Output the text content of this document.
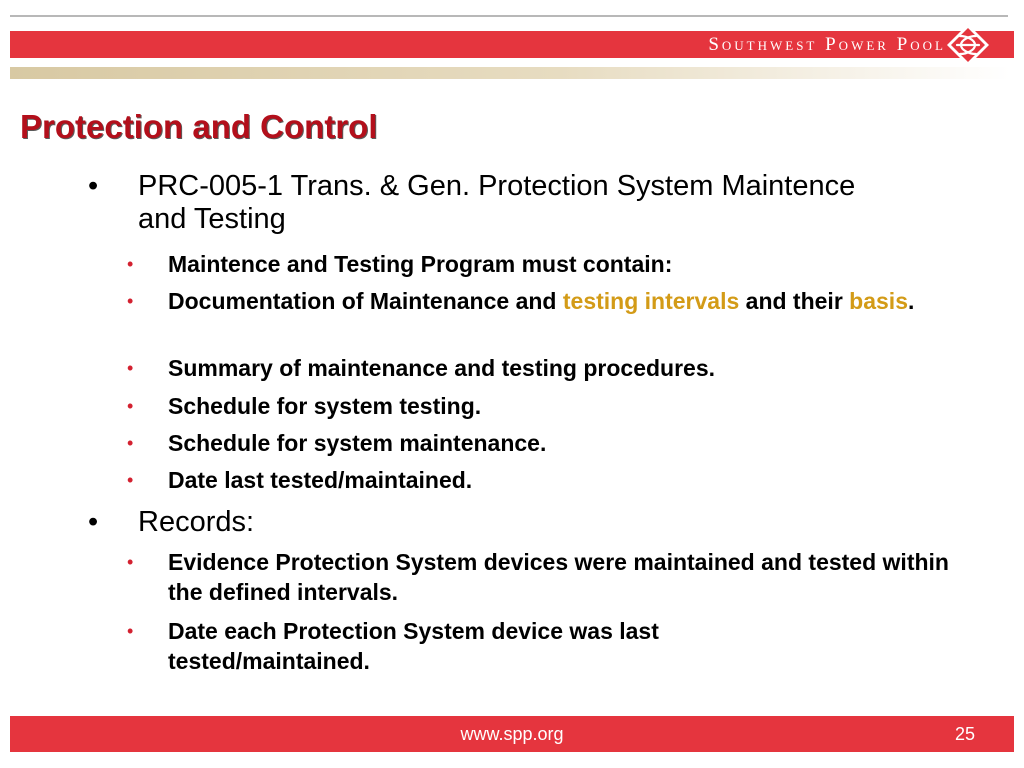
Southwest Power Pool
Protection and Control
• PRC-005-1 Trans. & Gen. Protection System Maintence and Testing
• Maintence and Testing Program must contain:
• Documentation of Maintenance and testing intervals and their basis.
• Summary of maintenance and testing procedures.
• Schedule for system testing.
• Schedule for system maintenance.
• Date last tested/maintained.
• Records:
• Evidence Protection System devices were maintained and tested within the defined intervals.
• Date each Protection System device was last tested/maintained.
www.spp.org	25
